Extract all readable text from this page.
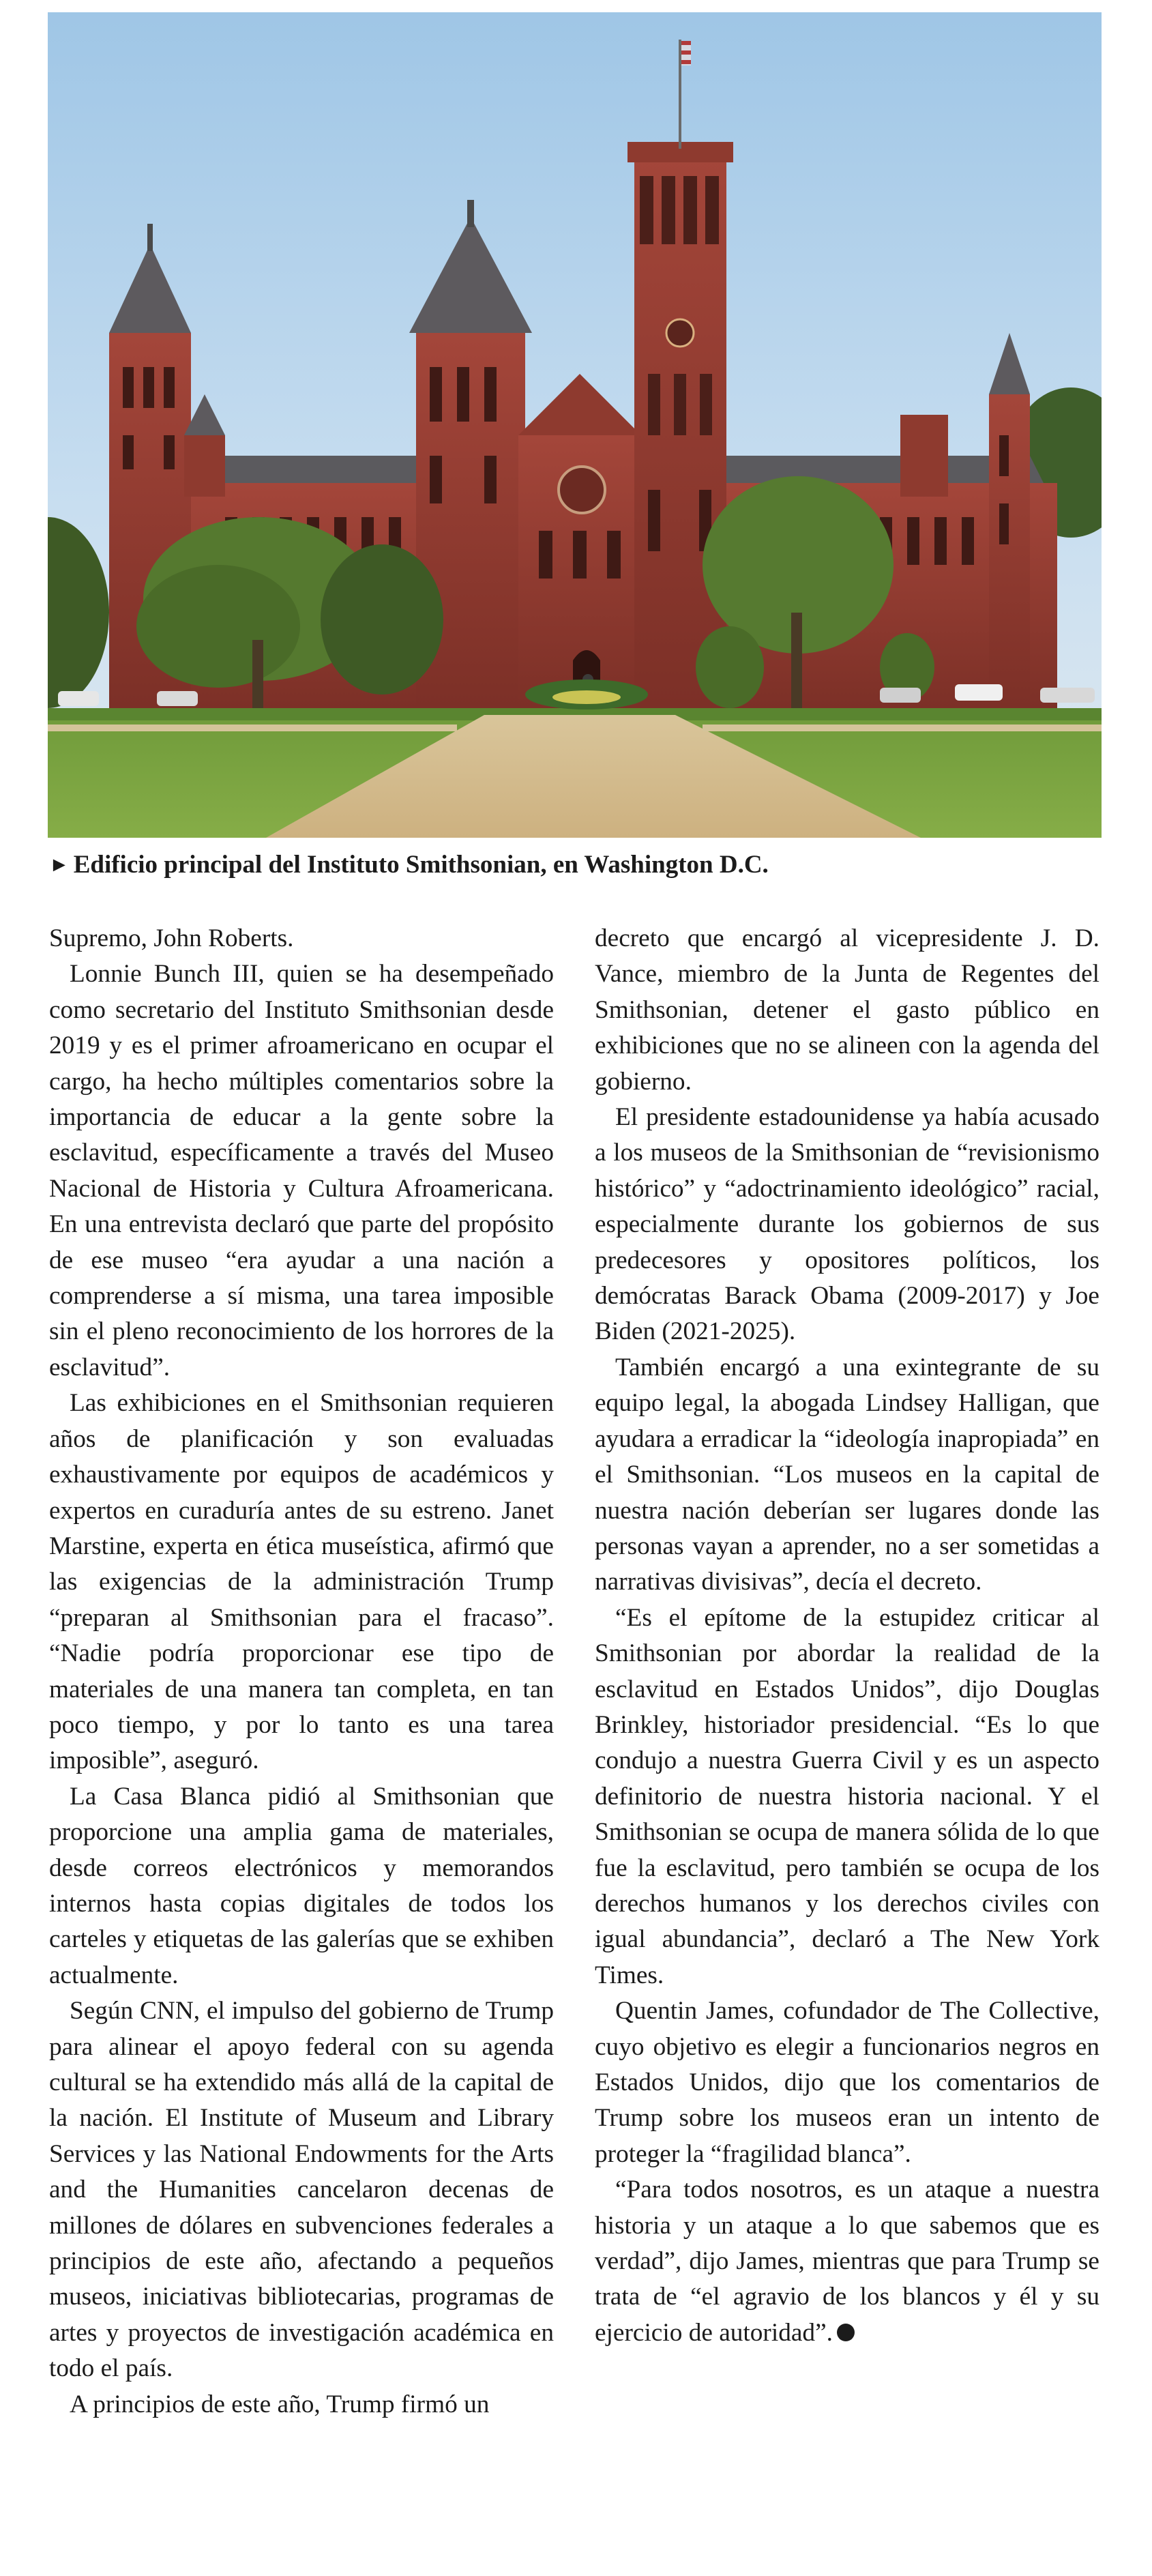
► Edificio principal del Instituto Smithsonian, en Washington D.C.

Supremo, John Roberts.

Lonnie Bunch III, quien se ha desempeñado como secretario del Instituto Smithsonian desde 2019 y es el primer afroamericano en ocupar el cargo, ha hecho múltiples comentarios sobre la importancia de educar a la gente sobre la esclavitud, específicamente a través del Museo Nacional de Historia y Cultura Afroamericana. En una entrevista declaró que parte del propósito de ese museo “era ayudar a una nación a comprenderse a sí misma, una tarea imposible sin el pleno reconocimiento de los horrores de la esclavitud”.

Las exhibiciones en el Smithsonian requieren años de planificación y son evaluadas exhaustivamente por equipos de académicos y expertos en curaduría antes de su estreno. Janet Marstine, experta en ética museística, afirmó que las exigencias de la administración Trump “preparan al Smithsonian para el fracaso”. “Nadie podría proporcionar ese tipo de materiales de una manera tan completa, en tan poco tiempo, y por lo tanto es una tarea imposible”, aseguró.

La Casa Blanca pidió al Smithsonian que proporcione una amplia gama de materiales, desde correos electrónicos y memorandos internos hasta copias digitales de todos los carteles y etiquetas de las galerías que se exhiben actualmente.

Según CNN, el impulso del gobierno de Trump para alinear el apoyo federal con su agenda cultural se ha extendido más allá de la capital de la nación. El Institute of Museum and Library Services y las National Endowments for the Arts and the Humanities cancelaron decenas de millones de dólares en subvenciones federales a principios de este año, afectando a pequeños museos, iniciativas bibliotecarias, programas de artes y proyectos de investigación académica en todo el país.

A principios de este año, Trump firmó un

decreto que encargó al vicepresidente J. D. Vance, miembro de la Junta de Regentes del Smithsonian, detener el gasto público en exhibiciones que no se alineen con la agenda del gobierno.

El presidente estadounidense ya había acusado a los museos de la Smithsonian de “revisionismo histórico” y “adoctrinamiento ideológico” racial, especialmente durante los gobiernos de sus predecesores y opositores políticos, los demócratas Barack Obama (2009-2017) y Joe Biden (2021-2025).

También encargó a una exintegrante de su equipo legal, la abogada Lindsey Halligan, que ayudara a erradicar la “ideología inapropiada” en el Smithsonian. “Los museos en la capital de nuestra nación deberían ser lugares donde las personas vayan a aprender, no a ser sometidas a narrativas divisivas”, decía el decreto.

“Es el epítome de la estupidez criticar al Smithsonian por abordar la realidad de la esclavitud en Estados Unidos”, dijo Douglas Brinkley, historiador presidencial. “Es lo que condujo a nuestra Guerra Civil y es un aspecto definitorio de nuestra historia nacional. Y el Smithsonian se ocupa de manera sólida de lo que fue la esclavitud, pero también se ocupa de los derechos humanos y los derechos civiles con igual abundancia”, declaró a The New York Times.

Quentin James, cofundador de The Collective, cuyo objetivo es elegir a funcionarios negros en Estados Unidos, dijo que los comentarios de Trump sobre los museos eran un intento de proteger la “fragilidad blanca”.

“Para todos nosotros, es un ataque a nuestra historia y un ataque a lo que sabemos que es verdad”, dijo James, mientras que para Trump se trata de “el agravio de los blancos y él y su ejercicio de autoridad”.
